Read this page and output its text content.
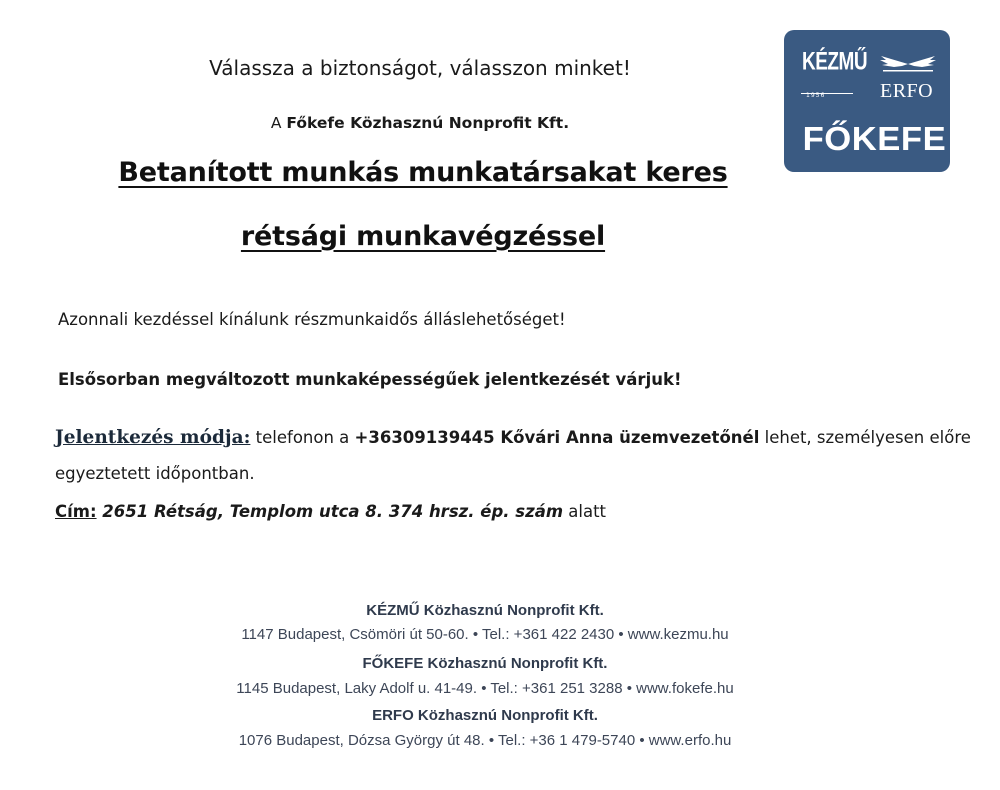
Válassza a biztonságot, válasszon minket!
A Főkefe Közhasznú Nonprofit Kft.
Betanított munkás munkatársakat keres
rétsági munkavégzéssel
KÉZMŰ
1956	ERFO
FŐKEFE
Azonnali kezdéssel kínálunk részmunkaidős álláslehetőséget!
Elsősorban megváltozott munkaképességűek jelentkezését várjuk!
Jelentkezés módja: telefonon a +36309139445 Kővári Anna üzemvezetőnél lehet, személyesen előre egyeztetett időpontban.
Cím: 2651 Rétság, Templom utca 8. 374 hrsz. ép. szám alatt
KÉZMŰ Közhasznú Nonprofit Kft.
1147 Budapest, Csömöri út 50-60. • Tel.: +361 422 2430 • www.kezmu.hu
FŐKEFE Közhasznú Nonprofit Kft.
1145 Budapest, Laky Adolf u. 41-49. • Tel.: +361 251 3288 • www.fokefe.hu
ERFO Közhasznú Nonprofit Kft.
1076 Budapest, Dózsa György út 48. • Tel.: +36 1 479-5740 • www.erfo.hu
